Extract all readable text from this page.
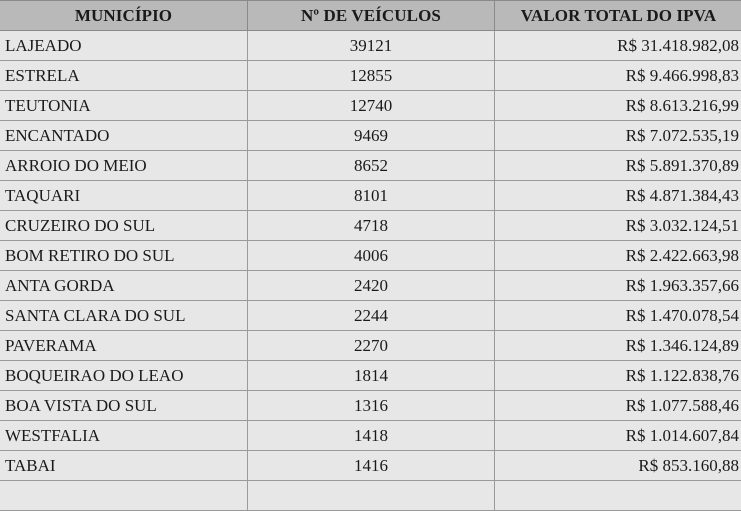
MUNICÍPIO	Nº DE VEÍCULOS	VALOR TOTAL DO IPVA
LAJEADO	39121	R$ 31.418.982,08
ESTRELA	12855	R$ 9.466.998,83
TEUTONIA	12740	R$ 8.613.216,99
ENCANTADO	9469	R$ 7.072.535,19
ARROIO DO MEIO	8652	R$ 5.891.370,89
TAQUARI	8101	R$ 4.871.384,43
CRUZEIRO DO SUL	4718	R$ 3.032.124,51
BOM RETIRO DO SUL	4006	R$ 2.422.663,98
ANTA GORDA	2420	R$ 1.963.357,66
SANTA CLARA DO SUL	2244	R$ 1.470.078,54
PAVERAMA	2270	R$ 1.346.124,89
BOQUEIRAO DO LEAO	1814	R$ 1.122.838,76
BOA VISTA DO SUL	1316	R$ 1.077.588,46
WESTFALIA	1418	R$ 1.014.607,84
TABAI	1416	R$ 853.160,88
